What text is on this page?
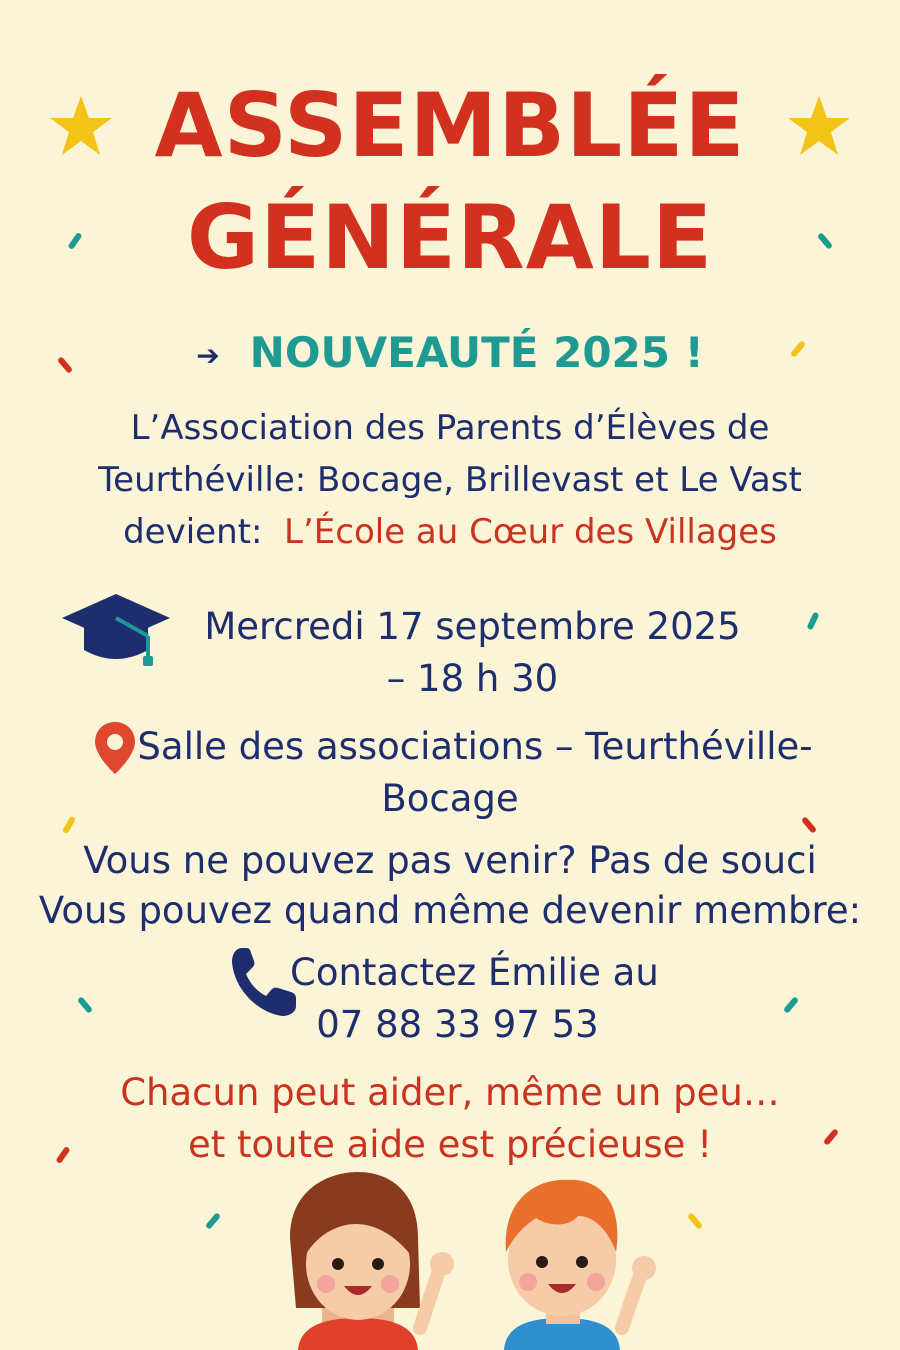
ASSEMBLÉE
GÉNÉRALE
➔ NOUVEAUTÉ 2025 !
L’Association des Parents d’Élèves de
Teurthéville: Bocage, Brillevast et Le Vast
devient: L’École au Cœur des Villages
Mercredi 17 septembre 2025
– 18 h 30
Salle des associations – Teurthéville-
Bocage
Vous ne pouvez pas venir? Pas de souci
Vous pouvez quand même devenir membre:
Contactez Émilie au
07 88 33 97 53
Chacun peut aider, même un peu…
et toute aide est précieuse !
